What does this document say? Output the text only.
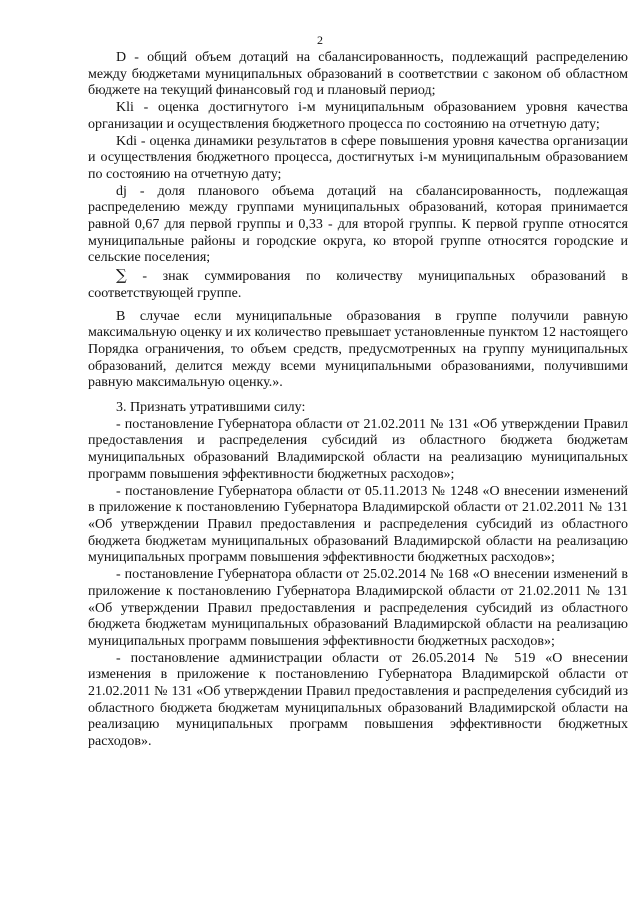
2

D - общий объем дотаций на сбалансированность, подлежащий распределению между бюджетами муниципальных образований в соответствии с законом об областном бюджете на текущий финансовый год и плановый период;

Kli - оценка достигнутого i-м муниципальным образованием уровня качества организации и осуществления бюджетного процесса по состоянию на отчетную дату;

Kdi - оценка динамики результатов в сфере повышения уровня качества организации и осуществления бюджетного процесса, достигнутых i-м муниципальным образованием по состоянию на отчетную дату;

dj - доля планового объема дотаций на сбалансированность, подлежащая распределению между группами муниципальных образований, которая принимается равной 0,67 для первой группы и 0,33 - для второй группы. К первой группе относятся муниципальные районы и городские округа, ко второй группе относятся городские и сельские поселения;

∑ - знак суммирования по количеству муниципальных образований в соответствующей группе.

В случае если муниципальные образования в группе получили равную максимальную оценку и их количество превышает установленные пунктом 12 настоящего Порядка ограничения, то объем средств, предусмотренных на группу муниципальных образований, делится между всеми муниципальными образованиями, получившими равную максимальную оценку.».

3. Признать утратившими силу:

- постановление Губернатора области от 21.02.2011 № 131 «Об утверждении Правил предоставления и распределения субсидий из областного бюджета бюджетам муниципальных образований Владимирской области на реализацию муниципальных программ повышения эффективности бюджетных расходов»;

- постановление Губернатора области от 05.11.2013 № 1248 «О внесении изменений в приложение к постановлению Губернатора Владимирской области от 21.02.2011 № 131 «Об утверждении Правил предоставления и распределения субсидий из областного бюджета бюджетам муниципальных образований Владимирской области на реализацию муниципальных программ повышения эффективности бюджетных расходов»;

- постановление Губернатора области от 25.02.2014 № 168 «О внесении изменений в приложение к постановлению Губернатора Владимирской области от 21.02.2011 № 131 «Об утверждении Правил предоставления и распределения субсидий из областного бюджета бюджетам муниципальных образований Владимирской области на реализацию муниципальных программ повышения эффективности бюджетных расходов»;

- постановление администрации области от 26.05.2014 № 519 «О внесении изменения в приложение к постановлению Губернатора Владимирской области от 21.02.2011 № 131 «Об утверждении Правил предоставления и распределения субсидий из областного бюджета бюджетам муниципальных образований Владимирской области на реализацию муниципальных программ повышения эффективности бюджетных расходов».
